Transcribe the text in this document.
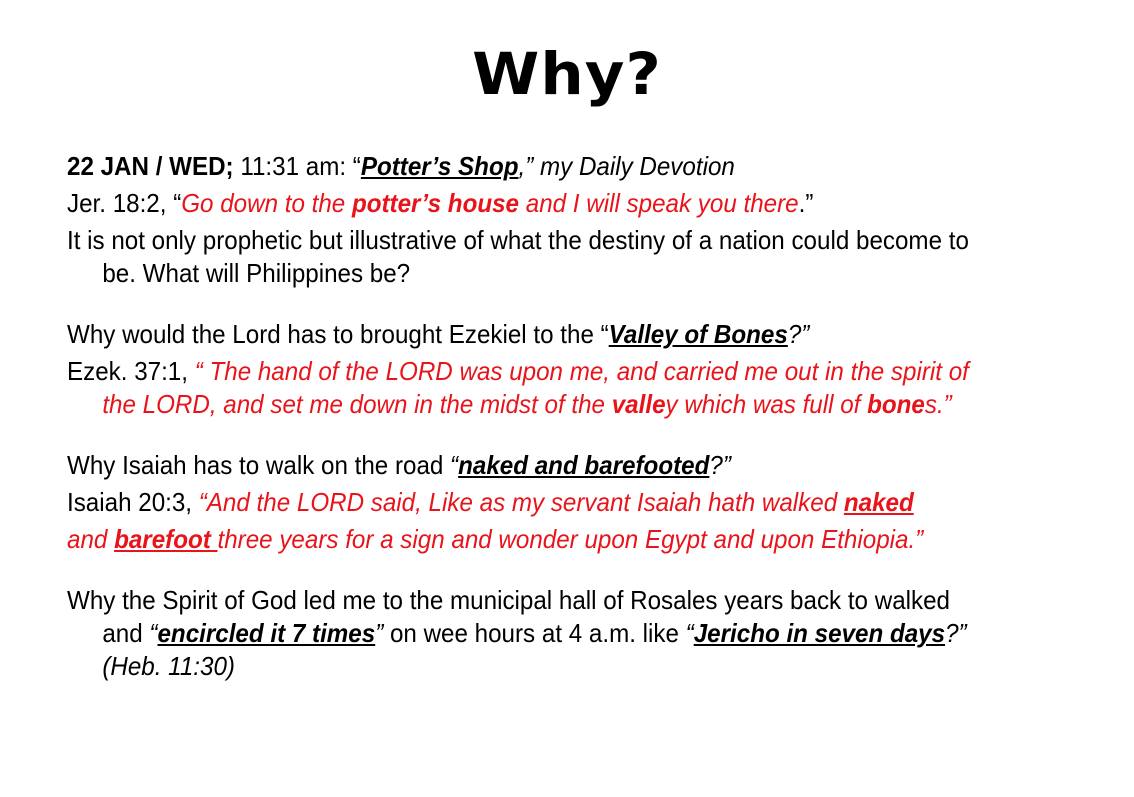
Why?

22 JAN / WED; 11:31 am: “Potter’s Shop,” my Daily Devotion

Jer. 18:2, “Go down to the potter’s house and I will speak you there.”

It is not only prophetic but illustrative of what the destiny of a nation could become to be. What will Philippines be?

Why would the Lord has to brought Ezekiel to the “Valley of Bones?”

Ezek. 37:1, “ The hand of the LORD was upon me, and carried me out in the spirit of the LORD, and set me down in the midst of the valley which was full of bones.”

Why Isaiah has to walk on the road “naked and barefooted?”

Isaiah 20:3, “And the LORD said, Like as my servant Isaiah hath walked naked

and barefoot three years for a sign and wonder upon Egypt and upon Ethiopia.”

Why the Spirit of God led me to the municipal hall of Rosales years back to walked and “encircled it 7 times” on wee hours at 4 a.m. like “Jericho in seven days?” (Heb. 11:30)
